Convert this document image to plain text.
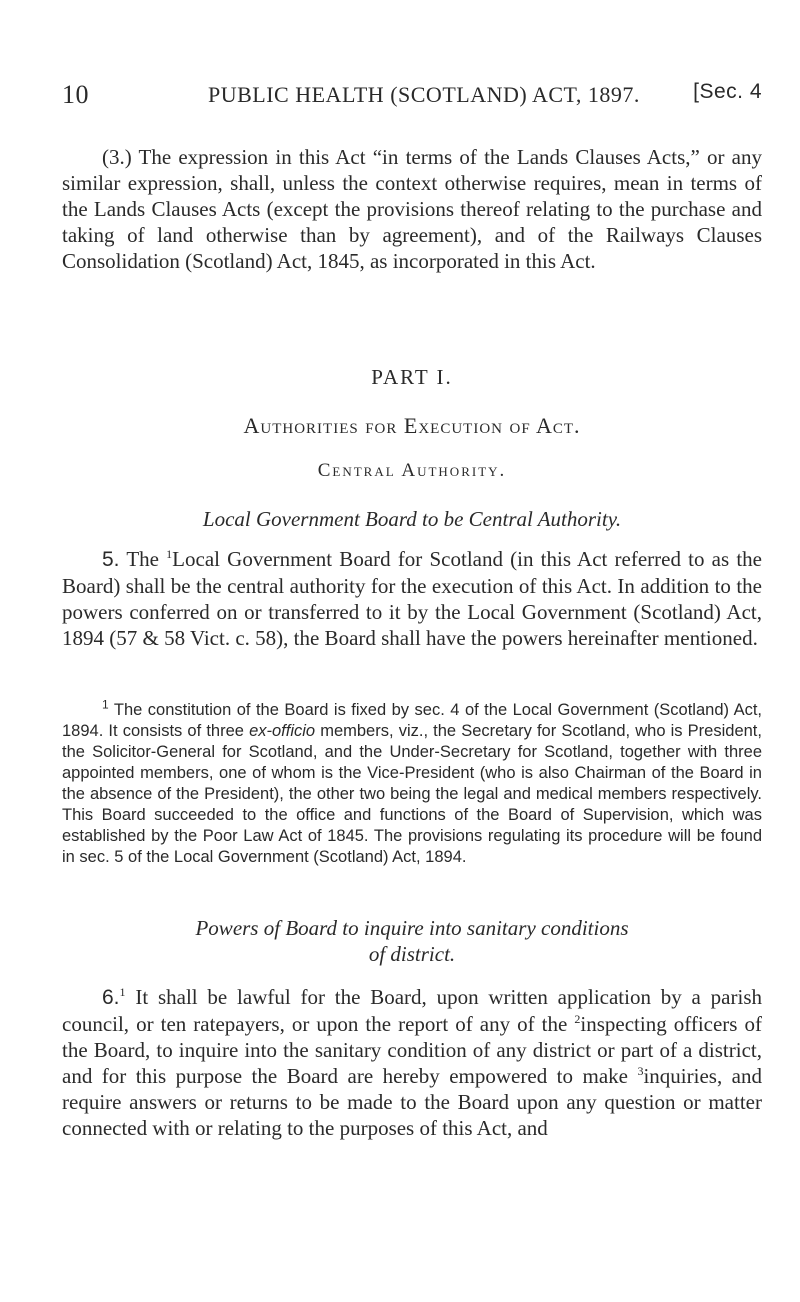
10	PUBLIC HEALTH (SCOTLAND) ACT, 1897.	[Sec. 4

(3.) The expression in this Act “in terms of the Lands Clauses Acts,” or any similar expression, shall, unless the context otherwise requires, mean in terms of the Lands Clauses Acts (except the provisions thereof relating to the purchase and taking of land otherwise than by agreement), and of the Railways Clauses Consolidation (Scotland) Act, 1845, as incorporated in this Act.

PART I.
Authorities for Execution of Act.
Central Authority.
Local Government Board to be Central Authority.

5. The $^1$Local Government Board for Scotland (in this Act referred to as the Board) shall be the central authority for the execution of this Act. In addition to the powers conferred on or transferred to it by the Local Government (Scotland) Act, 1894 (57 & 58 Vict. c. 58), the Board shall have the powers hereinafter mentioned.

$^1$ The constitution of the Board is fixed by sec. 4 of the Local Government (Scotland) Act, 1894. It consists of three ex-officio members, viz., the Secretary for Scotland, who is President, the Solicitor-General for Scotland, and the Under-Secretary for Scotland, together with three appointed members, one of whom is the Vice-President (who is also Chairman of the Board in the absence of the President), the other two being the legal and medical members respectively. This Board succeeded to the office and functions of the Board of Supervision, which was established by the Poor Law Act of 1845. The provisions regulating its procedure will be found in sec. 5 of the Local Government (Scotland) Act, 1894.

Powers of Board to inquire into sanitary conditions
of district.

6.$^1$ It shall be lawful for the Board, upon written application by a parish council, or ten ratepayers, or upon the report of any of the $^2$inspecting officers of the Board, to inquire into the sanitary condition of any district or part of a district, and for this purpose the Board are hereby empowered to make $^3$inquiries, and require answers or returns to be made to the Board upon any question or matter connected with or relating to the purposes of this Act, and
